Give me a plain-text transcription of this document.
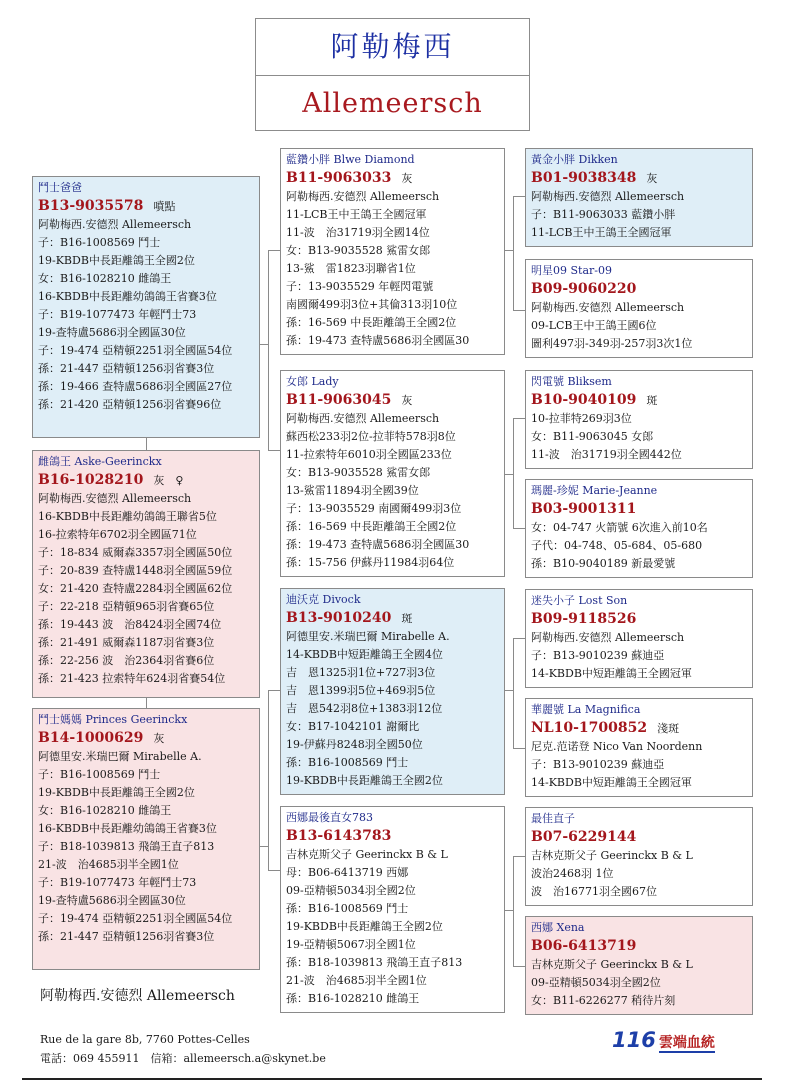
阿勒梅西
Allemeersch
鬥士爸爸
B13-9035578 噴點
阿勒梅西.安德烈 Allemeersch
子：B16-1008569 鬥士
19-KBDB中長距離鴿王全國2位
女：B16-1028210 雌鴿王
16-KBDB中長距離幼鴿鴿王省賽3位
子：B19-1077473 年輕鬥士73
19-查特盧5686羽全國區30位
子：19-474 亞精頓2251羽全國區54位
孫：21-447 亞精頓1256羽省賽3位
孫：19-466 查特盧5686羽全國區27位
孫：21-420 亞精頓1256羽省賽96位
雌鴿王 Aske-Geerinckx
B16-1028210 灰　♀
阿勒梅西.安德烈 Allemeersch
16-KBDB中長距離幼鴿鴿王聯省5位
16-拉索特年6702羽全國區71位
子：18-834 威爾森3357羽全國區50位
子：20-839 查特盧1448羽全國區59位
女：21-420 查特盧2284羽全國區62位
子：22-218 亞精頓965羽省賽65位
孫：19-443 波　治8424羽全國74位
孫：21-491 威爾森1187羽省賽3位
孫：22-256 波　治2364羽省賽6位
孫：21-423 拉索特年624羽省賽54位
鬥士媽媽 Princes Geerinckx
B14-1000629 灰
阿德里安.米瑞巴爾 Mirabelle A.
子：B16-1008569 鬥士
19-KBDB中長距離鴿王全國2位
女：B16-1028210 雌鴿王
16-KBDB中長距離幼鴿鴿王省賽3位
子：B18-1039813 飛鴿王直子813
21-波　治4685羽半全國1位
子：B19-1077473 年輕鬥士73
19-查特盧5686羽全國區30位
子：19-474 亞精頓2251羽全國區54位
孫：21-447 亞精頓1256羽省賽3位
藍鑽小胖 Blwe Diamond
B11-9063033 灰
阿勒梅西.安德烈 Allemeersch
11-LCB王中王鴿王全國冠軍
11-波　治31719羽全國14位
女：B13-9035528 鯊雷女郎
13-鯊　雷1823羽聯省1位
子：13-9035529 年輕閃電號
南國爾499羽3位+其倫313羽10位
孫：16-569 中長距離鴿王全國2位
孫：19-473 查特盧5686羽全國區30
女郎 Lady
B11-9063045 灰
阿勒梅西.安德烈 Allemeersch
蘇西松233羽2位-拉菲特578羽8位
11-拉索特年6010羽全國區233位
女：B13-9035528 鯊雷女郎
13-鯊雷11894羽全國39位
子：13-9035529 南國爾499羽3位
孫：16-569 中長距離鴿王全國2位
孫：19-473 查特盧5686羽全國區30
孫：15-756 伊蘇丹11984羽64位
迪沃克 Divock
B13-9010240 斑
阿德里安.米瑞巴爾 Mirabelle A.
14-KBDB中短距離鴿王全國4位
吉　恩1325羽1位+727羽3位
吉　恩1399羽5位+469羽5位
吉　恩542羽8位+1383羽12位
女：B17-1042101 謝爾比
19-伊蘇丹8248羽全國50位
孫：B16-1008569 鬥士
19-KBDB中長距離鴿王全國2位
西娜最後直女783
B13-6143783
吉林克斯父子 Geerinckx B & L
母：B06-6413719 西娜
09-亞精頓5034羽全國2位
孫：B16-1008569 鬥士
19-KBDB中長距離鴿王全國2位
19-亞精頓5067羽全國1位
孫：B18-1039813 飛鴿王直子813
21-波　治4685羽半全國1位
孫：B16-1028210 雌鴿王
黃金小胖 Dikken
B01-9038348 灰
阿勒梅西.安德烈 Allemeersch
子：B11-9063033 藍鑽小胖
11-LCB王中王鴿王全國冠軍
明星09 Star-09
B09-9060220
阿勒梅西.安德烈 Allemeersch
09-LCB王中王鴿王國6位
圖利497羽-349羽-257羽3次1位
閃電號 Bliksem
B10-9040109 斑
10-拉菲特269羽3位
女：B11-9063045 女郎
11-波　治31719羽全國442位
瑪麗-珍妮 Marie-Jeanne
B03-9001311
女：04-747 火箭號 6次進入前10名
子代：04-748、05-684、05-680
孫：B10-9040189 新最愛號
迷失小子 Lost Son
B09-9118526
阿勒梅西.安德烈 Allemeersch
子：B13-9010239 蘇迪亞
14-KBDB中短距離鴿王全國冠軍
華麗號 La Magnifica
NL10-1700852 淺斑
尼克.范诺登 Nico Van Noordenn
子：B13-9010239 蘇迪亞
14-KBDB中短距離鴿王全國冠軍
最佳直子
B07-6229144
吉林克斯父子 Geerinckx B & L
波治2468羽 1位
波　治16771羽全國67位
西娜 Xena
B06-6413719
吉林克斯父子 Geerinckx B & L
09-亞精頓5034羽全國2位
女：B11-6226277 稍待片刻
阿勒梅西.安德烈 Allemeersch
Rue de la gare 8b, 7760 Pottes-Celles
電話：069 455911　信箱：allemeersch.a@skynet.be
116 雲端血統
